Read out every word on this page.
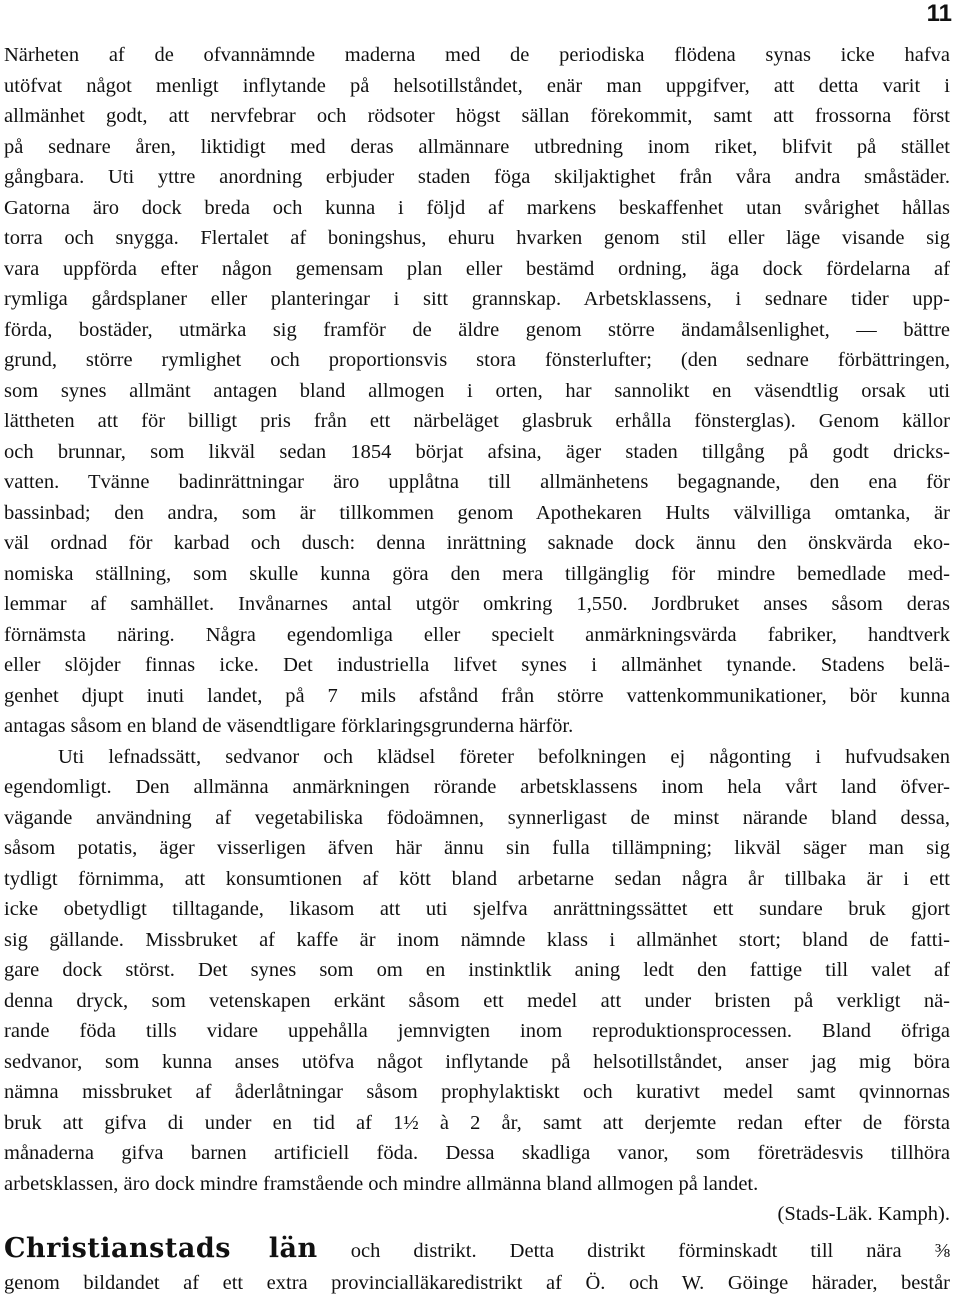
11
Närheten af de ofvannämnde maderna med de periodiska flödena synas icke hafva
utöfvat något menligt inflytande på helsotillståndet, enär man uppgifver, att detta varit i
allmänhet godt, att nervfebrar och rödsoter högst sällan förekommit, samt att frossorna först
på sednare åren, liktidigt med deras allmännare utbredning inom riket, blifvit på stället
gångbara. Uti yttre anordning erbjuder staden föga skiljaktighet från våra andra småstäder.
Gatorna äro dock breda och kunna i följd af markens beskaffenhet utan svårighet hållas
torra och snygga. Flertalet af boningshus, ehuru hvarken genom stil eller läge visande sig
vara uppförda efter någon gemensam plan eller bestämd ordning, äga dock fördelarna af
rymliga gårdsplaner eller planteringar i sitt grannskap. Arbetsklassens, i sednare tider upp-
förda, bostäder, utmärka sig framför de äldre genom större ändamålsenlighet, — bättre
grund, större rymlighet och proportionsvis stora fönsterlufter; (den sednare förbättringen,
som synes allmänt antagen bland allmogen i orten, har sannolikt en väsendtlig orsak uti
lättheten att för billigt pris från ett närbeläget glasbruk erhålla fönsterglas). Genom källor
och brunnar, som likväl sedan 1854 börjat afsina, äger staden tillgång på godt dricks-
vatten. Tvänne badinrättningar äro upplåtna till allmänhetens begagnande, den ena för
bassinbad; den andra, som är tillkommen genom Apothekaren Hults välvilliga omtanka, är
väl ordnad för karbad och dusch: denna inrättning saknade dock ännu den önskvärda eko-
nomiska ställning, som skulle kunna göra den mera tillgänglig för mindre bemedlade med-
lemmar af samhället. Invånarnes antal utgör omkring 1,550. Jordbruket anses såsom deras
förnämsta näring. Några egendomliga eller specielt anmärkningsvärda fabriker, handtverk
eller slöjder finnas icke. Det industriella lifvet synes i allmänhet tynande. Stadens belä-
genhet djupt inuti landet, på 7 mils afstånd från större vattenkommunikationer, bör kunna
antagas såsom en bland de väsendtligare förklaringsgrunderna härför.
Uti lefnadssätt, sedvanor och klädsel företer befolkningen ej någonting i hufvudsaken
egendomligt. Den allmänna anmärkningen rörande arbetsklassens inom hela vårt land öfver-
vägande användning af vegetabiliska födoämnen, synnerligast de minst närande bland dessa,
såsom potatis, äger visserligen äfven här ännu sin fulla tillämpning; likväl säger man sig
tydligt förnimma, att konsumtionen af kött bland arbetarne sedan några år tillbaka är i ett
icke obetydligt tilltagande, likasom att uti sjelfva anrättningssättet ett sundare bruk gjort
sig gällande. Missbruket af kaffe är inom nämnde klass i allmänhet stort; bland de fatti-
gare dock störst. Det synes som om en instinktlik aning ledt den fattige till valet af
denna dryck, som vetenskapen erkänt såsom ett medel att under bristen på verkligt nä-
rande föda tills vidare uppehålla jemnvigten inom reproduktionsprocessen. Bland öfriga
sedvanor, som kunna anses utöfva något inflytande på helsotillståndet, anser jag mig böra
nämna missbruket af åderlåtningar såsom prophylaktiskt och kurativt medel samt qvinnornas
bruk att gifva di under en tid af 1½ à 2 år, samt att derjemte redan efter de första
månaderna gifva barnen artificiell föda. Dessa skadliga vanor, som företrädesvis tillhöra
arbetsklassen, äro dock mindre framstående och mindre allmänna bland allmogen på landet.
(Stads-Läk. Kamph).
Christianstads län och distrikt. Detta distrikt förminskadt till nära ⅜
genom bildandet af ett extra provincialläkaredistrikt af Ö. och W. Göinge härader, består
